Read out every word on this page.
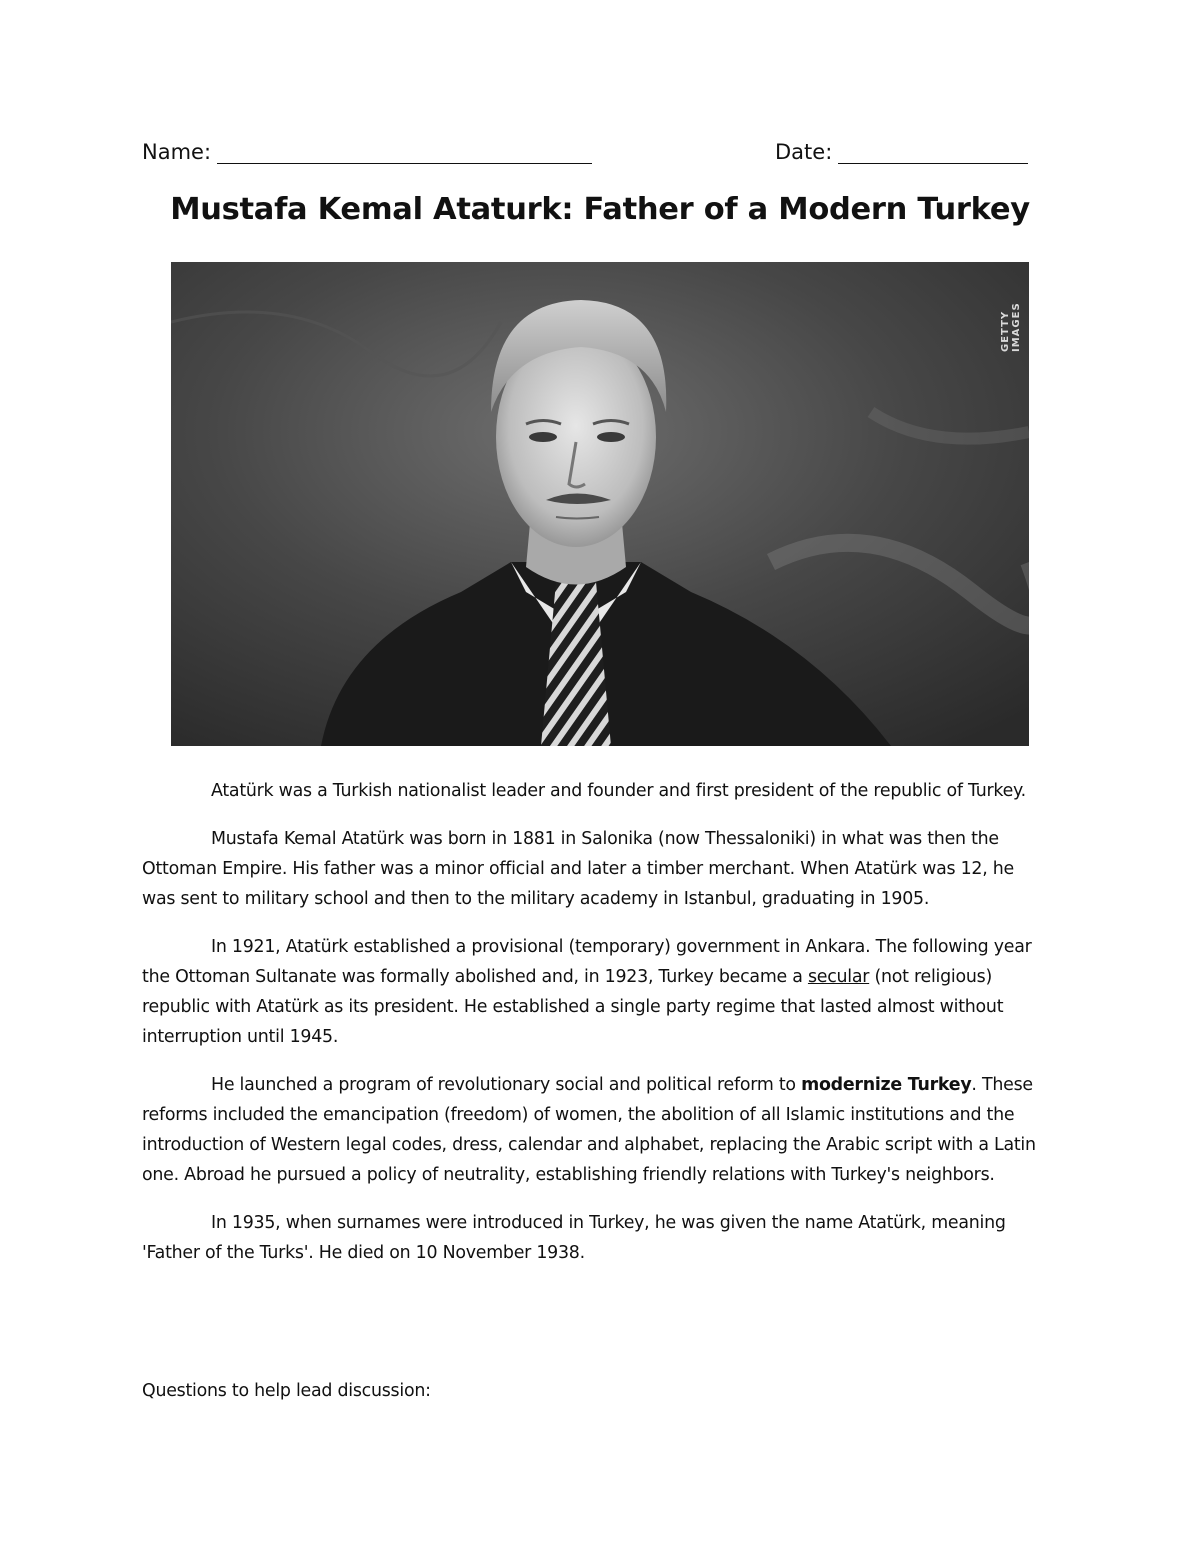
Name:	Date:
Mustafa Kemal Ataturk: Father of a Modern Turkey
GETTY IMAGES

Atatürk was a Turkish nationalist leader and founder and first president of the republic of Turkey.

Mustafa Kemal Atatürk was born in 1881 in Salonika (now Thessaloniki) in what was then the Ottoman Empire. His father was a minor official and later a timber merchant. When Atatürk was 12, he was sent to military school and then to the military academy in Istanbul, graduating in 1905.

In 1921, Atatürk established a provisional (temporary) government in Ankara. The following year the Ottoman Sultanate was formally abolished and, in 1923, Turkey became a secular (not religious) republic with Atatürk as its president. He established a single party regime that lasted almost without interruption until 1945.

He launched a program of revolutionary social and political reform to modernize Turkey. These reforms included the emancipation (freedom) of women, the abolition of all Islamic institutions and the introduction of Western legal codes, dress, calendar and alphabet, replacing the Arabic script with a Latin one. Abroad he pursued a policy of neutrality, establishing friendly relations with Turkey's neighbors.

In 1935, when surnames were introduced in Turkey, he was given the name Atatürk, meaning 'Father of the Turks'. He died on 10 November 1938.

Questions to help lead discussion:
